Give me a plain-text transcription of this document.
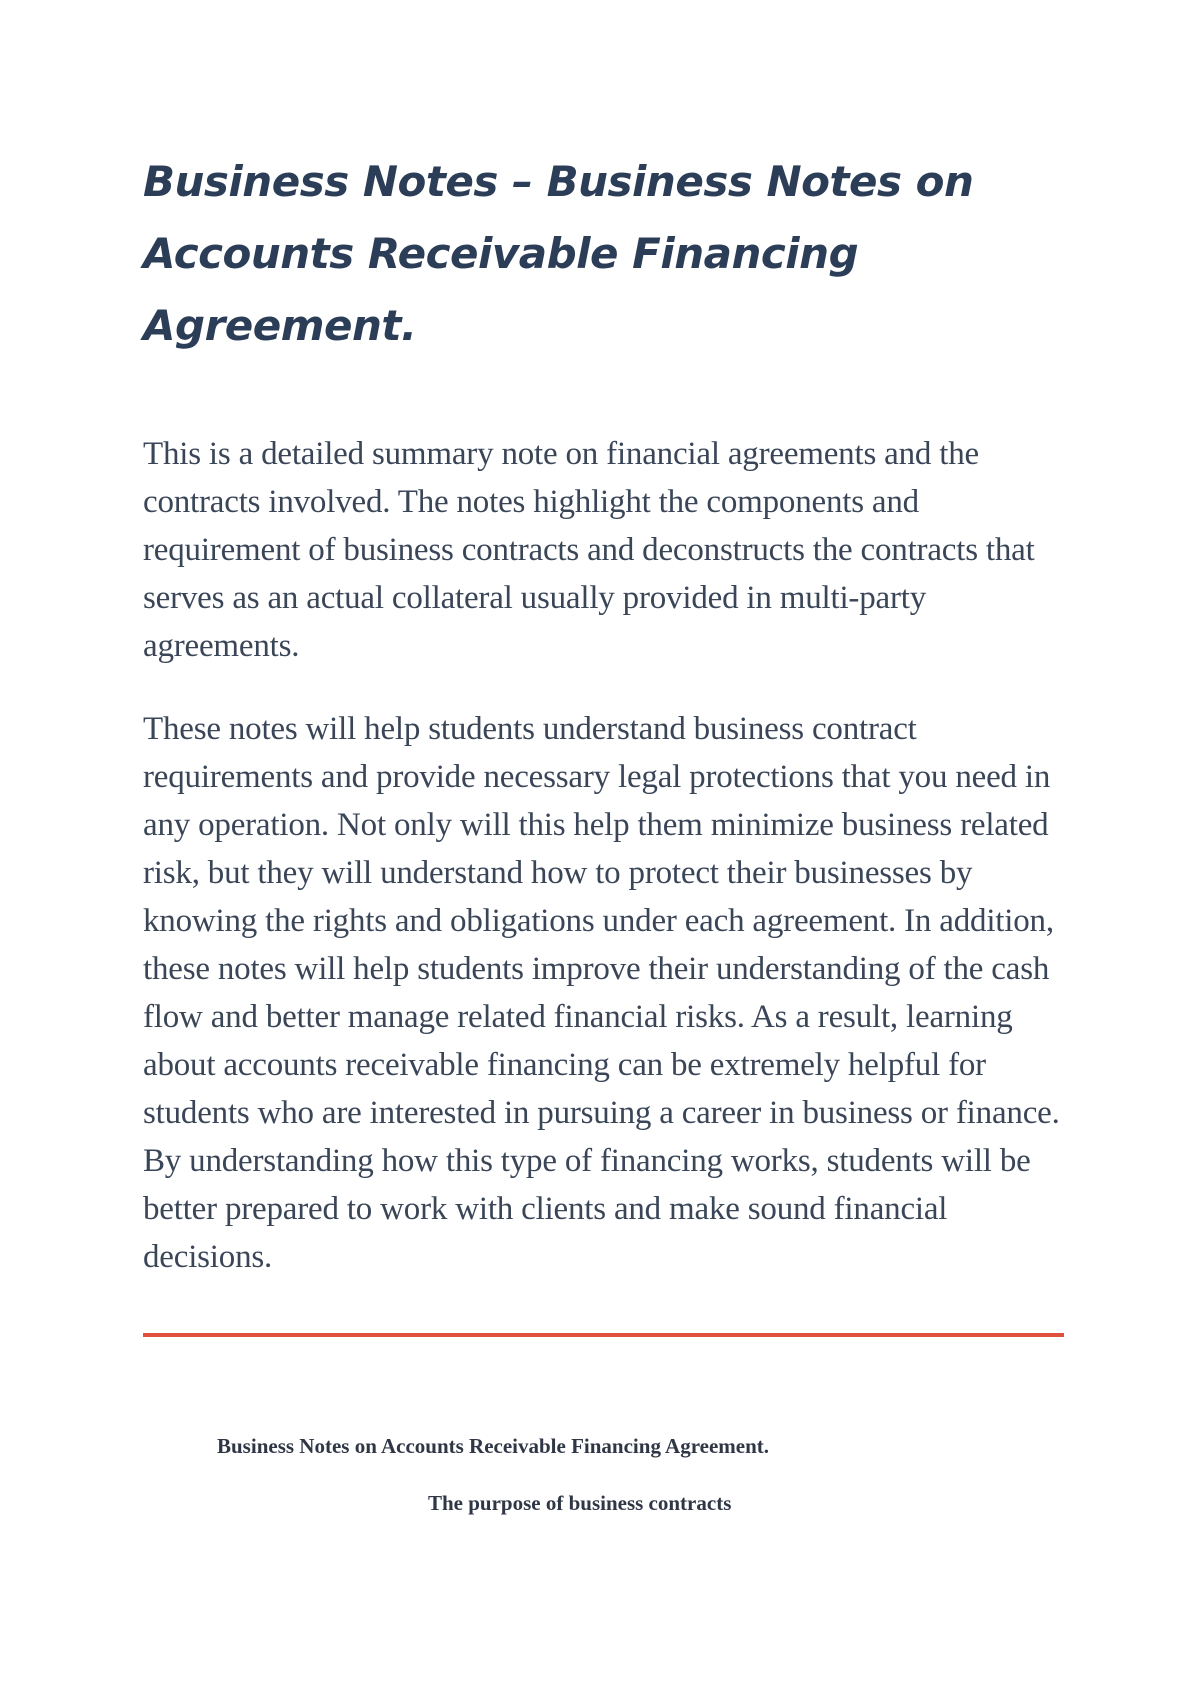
Business Notes – Business Notes on Accounts Receivable Financing Agreement.

This is a detailed summary note on financial agreements and the contracts involved. The notes highlight the components and requirement of business contracts and deconstructs the contracts that serves as an actual collateral usually provided in multi-party agreements.

These notes will help students understand business contract requirements and provide necessary legal protections that you need in any operation. Not only will this help them minimize business related risk, but they will understand how to protect their businesses by knowing the rights and obligations under each agreement. In addition, these notes will help students improve their understanding of the cash flow and better manage related financial risks. As a result, learning about accounts receivable financing can be extremely helpful for students who are interested in pursuing a career in business or finance. By understanding how this type of financing works, students will be better prepared to work with clients and make sound financial decisions.

Business Notes on Accounts Receivable Financing Agreement.

The purpose of business contracts
